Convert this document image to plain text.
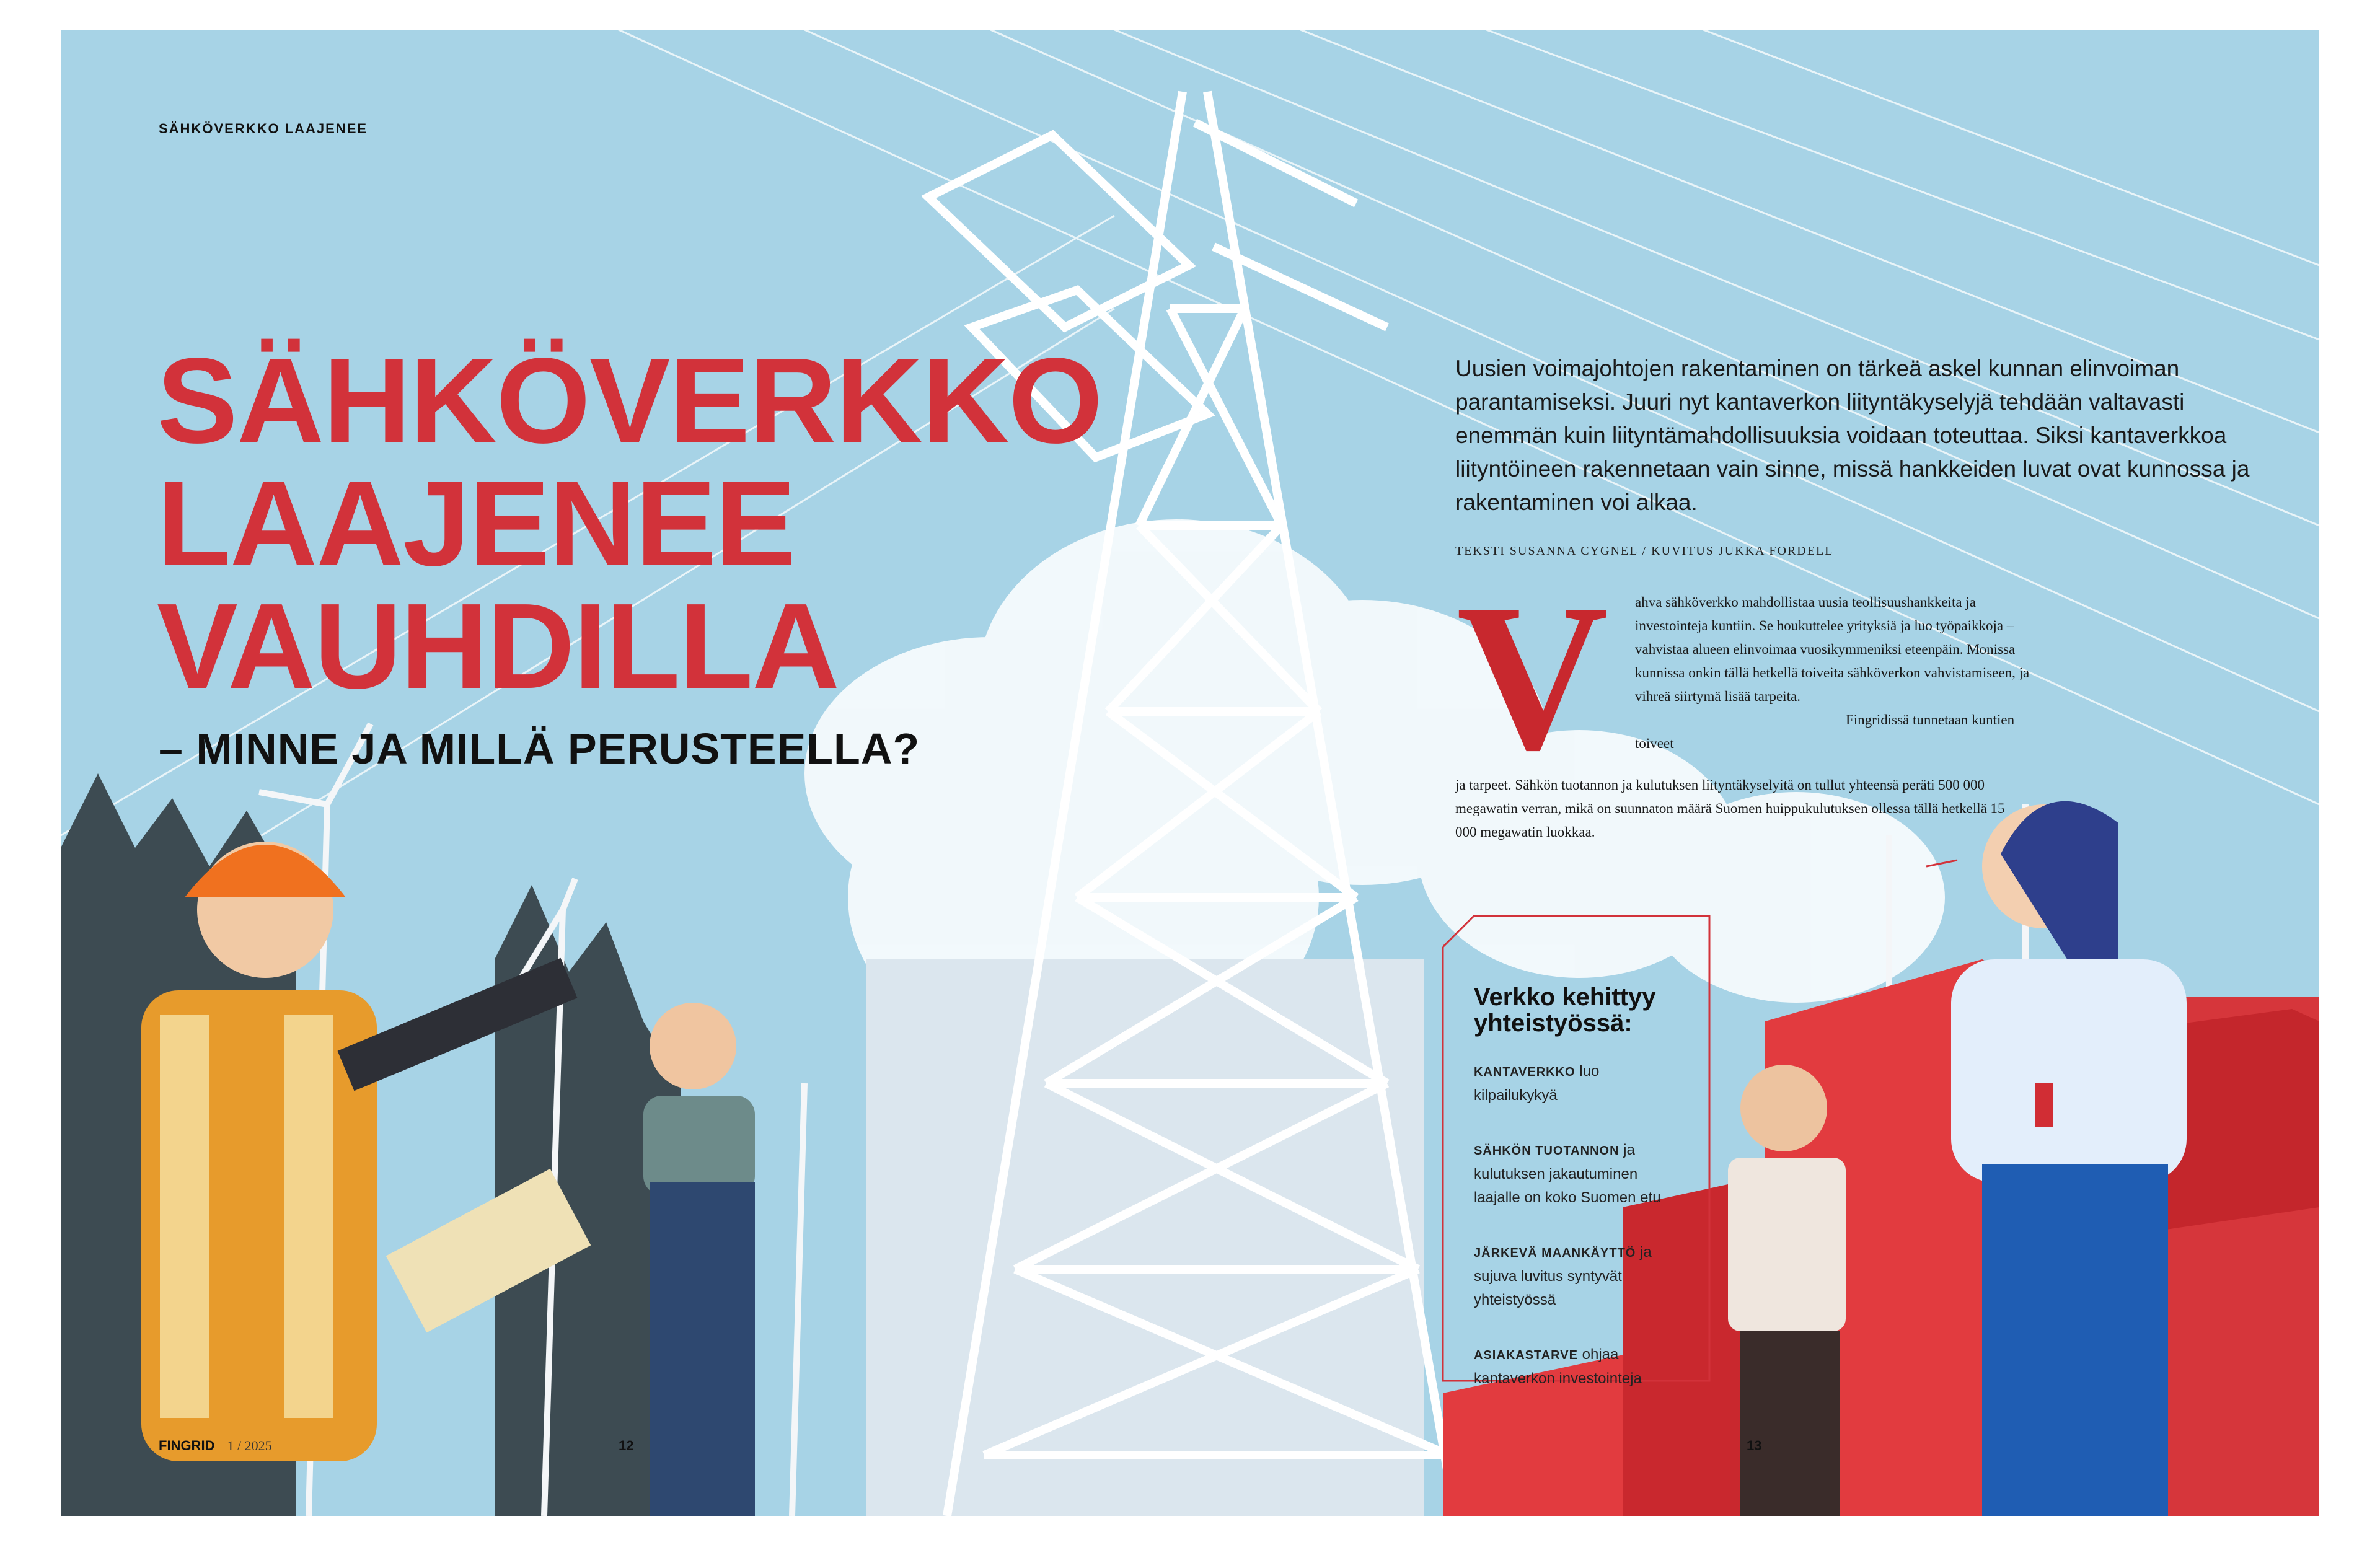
SÄHKÖVERKKO LAAJENEE
SÄHKÖVERKKO
LAAJENEE
VAUHDILLA
– MINNE JA MILLÄ PERUSTEELLA?
Uusien voimajohtojen rakentaminen on tärkeä askel kunnan elinvoiman parantamiseksi. Juuri nyt kantaverkon liityntäkyselyjä tehdään valtavasti enemmän kuin liityntämahdollisuuksia voidaan toteuttaa. Siksi kantaverkkoa liityntöineen rakennetaan vain sinne, missä hankkeiden luvat ovat kunnossa ja rakentaminen voi alkaa.
TEKSTI SUSANNA CYGNEL / KUVITUS JUKKA FORDELL
V ahva sähköverkko mahdollistaa uusia teollisuushankkeita ja investointeja kuntiin. Se houkuttelee yrityksiä ja luo työpaikkoja – vahvistaa alueen elinvoimaa vuosikymmeniksi eteenpäin. Monissa kunnissa onkin tällä hetkellä toiveita sähköverkon vahvistamiseen, ja vihreä siirtymä lisää tarpeita.

Fingridissä tunnetaan kuntien toiveet

ja tarpeet. Sähkön tuotannon ja kulutuksen liityntäkyselyitä on tullut yhteensä peräti 500 000 megawatin verran, mikä on suunnaton määrä Suomen huippukulutuksen ollessa tällä hetkellä 15 000 megawatin luokkaa.

Verkko kehittyy yhteistyössä:
KANTAVERKKO luo kilpailukykyä
SÄHKÖN TUOTANNON ja kulutuksen jakautuminen laajalle on koko Suomen etu
JÄRKEVÄ MAANKÄYTTÖ ja sujuva luvitus syntyvät yhteistyössä
ASIAKASTARVE ohjaa kantaverkon investointeja
FINGRID 1 / 2025	12	13
